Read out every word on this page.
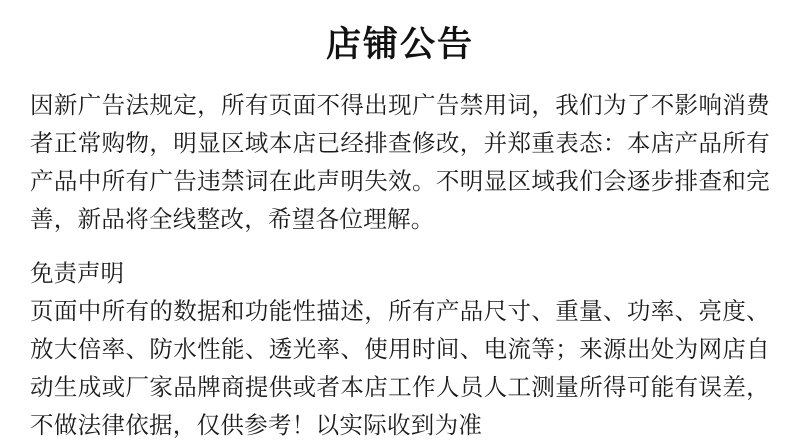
店铺公告

因新广告法规定，所有页面不得出现广告禁用词，我们为了不影响消费者正常购物，明显区域本店已经排查修改，并郑重表态：本店产品所有产品中所有广告违禁词在此声明失效。不明显区域我们会逐步排查和完善，新品将全线整改，希望各位理解。

免责声明

页面中所有的数据和功能性描述，所有产品尺寸、重量、功率、亮度、放大倍率、防水性能、透光率、使用时间、电流等；来源出处为网店自动生成或厂家品牌商提供或者本店工作人员人工测量所得可能有误差，不做法律依据，仅供参考！以实际收到为准
